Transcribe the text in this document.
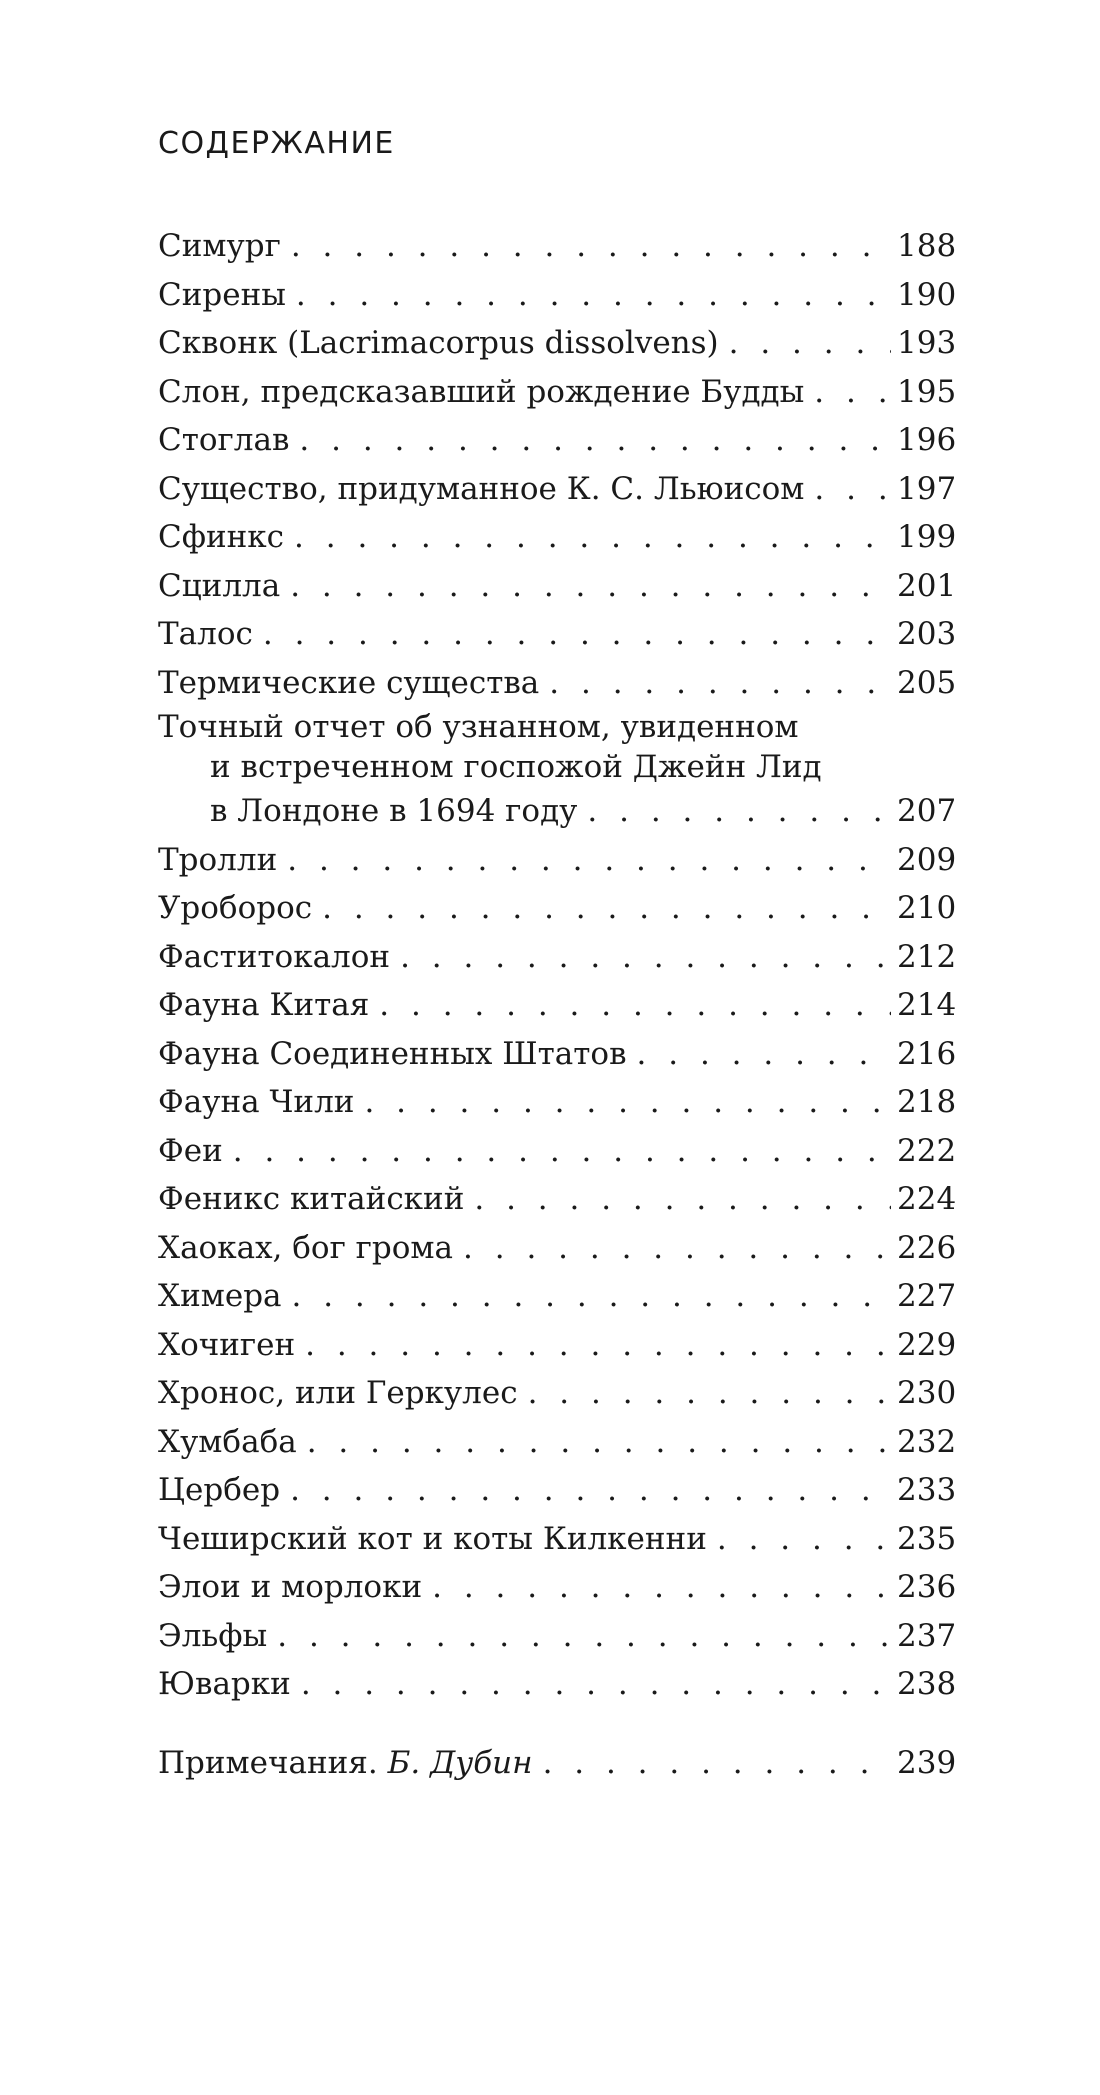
СОДЕРЖАНИЕ
Симург . . .	188
Сирены . . .	190
Сквонк (Lacrimacorpus dissolvens) . . .	193
Слон, предсказавший рождение Будды . . .	195
Стоглав . . .	196
Существо, придуманное К. С. Льюисом . . .	197
Сфинкс . . .	199
Сцилла . . .	201
Талос . . .	203
Термические существа . . .	205
Точный отчет об узнанном, увиденном
и встреченном госпожой Джейн Лид
в Лондоне в 1694 году . . .	207
Тролли . . .	209
Уроборос . . .	210
Фаститокалон . . .	212
Фауна Китая . . .	214
Фауна Соединенных Штатов . . .	216
Фауна Чили . . .	218
Феи . . .	222
Феникс китайский . . .	224
Хаоках, бог грома . . .	226
Химера . . .	227
Хочиген . . .	229
Хронос, или Геркулес . . .	230
Хумбаба . . .	232
Цербер . . .	233
Чеширский кот и коты Килкенни . . .	235
Элои и морлоки . . .	236
Эльфы . . .	237
Юварки . . .	238
Примечания. Б. Дубин . . .	239
